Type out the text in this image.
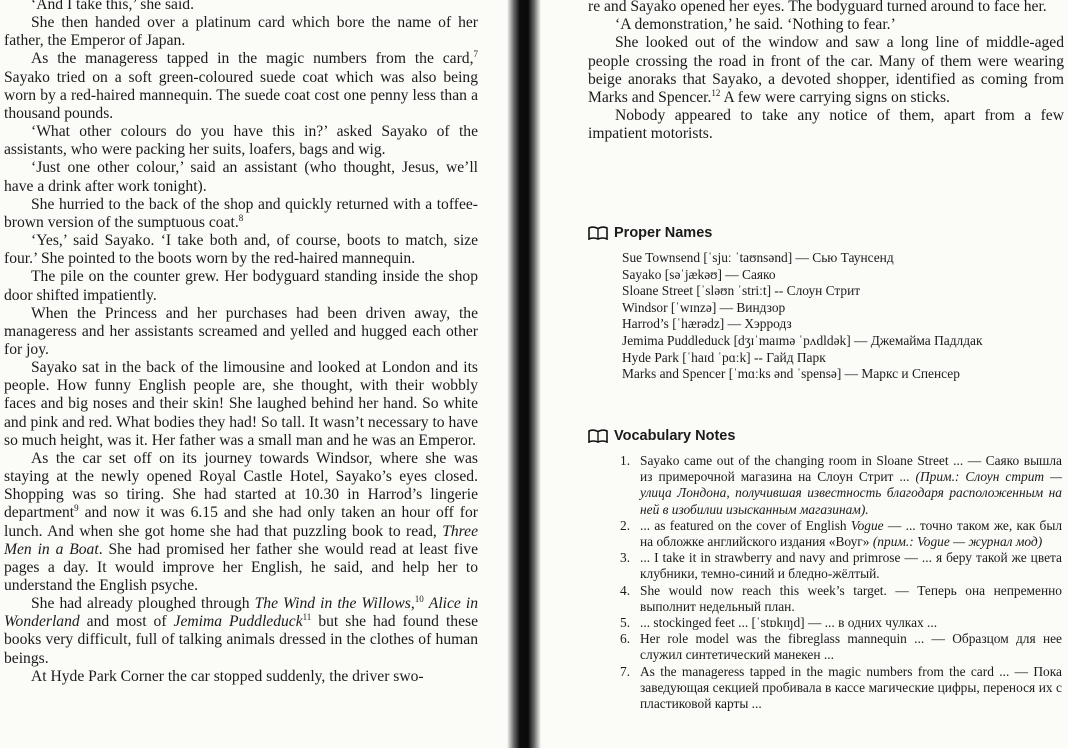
‘And I take this,’ she said.

She then handed over a platinum card which bore the name of her father, the Emperor of Japan.

As the manageress tapped in the magic numbers from the card,$^7$ Sayako tried on a soft green-coloured suede coat which was also being worn by a red-haired mannequin. The suede coat cost one penny less than a thousand pounds.

‘What other colours do you have this in?’ asked Sayako of the assistants, who were packing her suits, loafers, bags and wig.

‘Just one other colour,’ said an assistant (who thought, Jesus, we’ll have a drink after work tonight).

She hurried to the back of the shop and quickly returned with a toffee-brown version of the sumptuous coat.$^8$

‘Yes,’ said Sayako. ‘I take both and, of course, boots to match, size four.’ She pointed to the boots worn by the red-haired mannequin.

The pile on the counter grew. Her bodyguard standing inside the shop door shifted impatiently.

When the Princess and her purchases had been driven away, the manageress and her assistants screamed and yelled and hugged each other for joy.

Sayako sat in the back of the limousine and looked at London and its people. How funny English people are, she thought, with their wobbly faces and big noses and their skin! She laughed behind her hand. So white and pink and red. What bodies they had! So tall. It wasn’t necessary to have so much height, was it. Her father was a small man and he was an Emperor.

As the car set off on its journey towards Windsor, where she was staying at the newly opened Royal Castle Hotel, Sayako’s eyes closed. Shopping was so tiring. She had started at 10.30 in Harrod’s lingerie department$^9$ and now it was 6.15 and she had only taken an hour off for lunch. And when she got home she had that puzzling book to read, Three Men in a Boat. She had promised her father she would read at least five pages a day. It would improve her English, he said, and help her to understand the English psyche.

She had already ploughed through The Wind in the Willows,$^{10}$ Alice in Wonderland and most of Jemima Puddleduck$^{11}$ but she had found these books very difficult, full of talking animals dressed in the clothes of human beings.

At Hyde Park Corner the car stopped suddenly, the driver swo-

re and Sayako opened her eyes. The bodyguard turned around to face her.

‘A demonstration,’ he said. ‘Nothing to fear.’

She looked out of the window and saw a long line of middle-aged people crossing the road in front of the car. Many of them were wearing beige anoraks that Sayako, a devoted shopper, identified as coming from Marks and Spencer.$^{12}$ A few were carrying signs on sticks.

Nobody appeared to take any notice of them, apart from a few impatient motorists.

Proper Names
Sue Townsend [ˈsjuː ˈtaʊnsənd] — Сью Таунсенд
Sayako [səˈjækəʊ] — Саяко
Sloane Street [ˈsləʊn ˈstriːt] -- Слоун Стрит
Windsor [ˈwɪnzə] — Виндзор
Harrod’s [ˈhærədz] — Хэрродз
Jemima Puddleduck [dʒɪˈmaɪmə ˈpʌdldək] — Джемайма Падлдак
Hyde Park [ˈhaɪd ˈpɑːk] -- Гайд Парк
Marks and Spencer [ˈmɑːks ənd ˈspensə] — Маркс и Спенсер
Vocabulary Notes
1. Sayako came out of the changing room in Sloane Street ... — Саяко вышла из примерочной магазина на Слоун Стрит ... (Прим.: Слоун стрит — улица Лондона, получившая известность благодаря расположенным на ней в изобилии изысканным магазинам).
2. ... as featured on the cover of English Vogue — ... точно таком же, как был на обложке английского издания «Воуг» (прим.: Vogue — журнал мод)
3. ... I take it in strawberry and navy and primrose — ... я беру такой же цвета клубники, темно-синий и бледно-жёлтый.
4. She would now reach this week’s target. — Теперь она непременно выполнит недельный план.
5. ... stockinged feet ... [ˈstɒkɪŋd] — ... в одних чулках ...
6. Her role model was the fibreglass mannequin ... — Образцом для нее служил синтетический манекен ...
7. As the manageress tapped in the magic numbers from the card ... — Пока заведующая секцией пробивала в кассе магические цифры, перенося их с пластиковой карты ...
